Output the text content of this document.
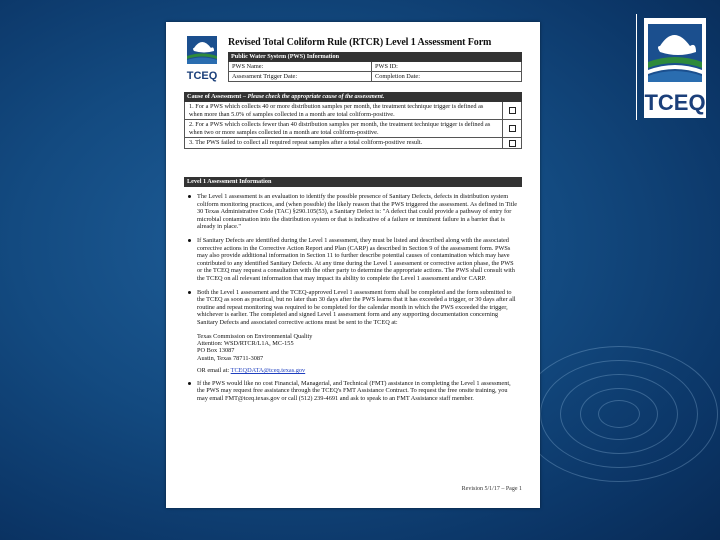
TCEQ
TCEQ
Revised Total Coliform Rule (RTCR) Level 1 Assessment Form
Public Water System (PWS) Information
PWS Name:	PWS ID:
Assessment Trigger Date:	Completion Date:
Cause of Assessment – Please check the appropriate cause of the assessment.
1. For a PWS which collects 40 or more distribution samples per month, the treatment technique trigger is defined as when more than 5.0% of samples collected in a month are total coliform-positive.
2. For a PWS which collects fewer than 40 distribution samples per month, the treatment technique trigger is defined as when two or more samples collected in a month are total coliform-positive.
3. The PWS failed to collect all required repeat samples after a total coliform-positive result.
Level 1 Assessment Information
The Level 1 assessment is an evaluation to identify the possible presence of Sanitary Defects, defects in distribution system coliform monitoring practices, and (when possible) the likely reason that the PWS triggered the assessment. As defined in Title 30 Texas Administrative Code (TAC) §290.105(53), a Sanitary Defect is: "A defect that could provide a pathway of entry for microbial contamination into the distribution system or that is indicative of a failure or imminent failure in a barrier that is already in place."
If Sanitary Defects are identified during the Level 1 assessment, they must be listed and described along with the associated corrective actions in the Corrective Action Report and Plan (CARP) as described in Section 9 of the assessment form. PWSs may also provide additional information in Section 11 to further describe potential causes of contamination which may have contributed to any identified Sanitary Defects. At any time during the Level 1 assessment or corrective action phase, the PWS or the TCEQ may request a consultation with the other party to determine the appropriate actions. The PWS shall consult with the TCEQ on all relevant information that may impact its ability to complete the Level 1 assessment and/or CARP.
Both the Level 1 assessment and the TCEQ-approved Level 1 assessment form shall be completed and the form submitted to the TCEQ as soon as practical, but no later than 30 days after the PWS learns that it has exceeded a trigger, or 30 days after all routine and repeat monitoring was required to be completed for the calendar month in which the PWS exceeded the trigger, whichever is earlier. The completed and signed Level 1 assessment form and any supporting documentation concerning Sanitary Defects and associated corrective actions must be sent to the TCEQ at:
Texas Commission on Environmental Quality
Attention: WSD/RTCR/L1A, MC-155
PO Box 13087
Austin, Texas 78711-3087
OR email at: TCEQDATA@tceq.texas.gov
If the PWS would like no cost Financial, Managerial, and Technical (FMT) assistance in completing the Level 1 assessment, the PWS may request free assistance through the TCEQ's FMT Assistance Contract. To request the free onsite training, you may email FMT@tceq.texas.gov or call (512) 239-4691 and ask to speak to an FMT Assistance staff member.
Revision 5/1/17 – Page 1
